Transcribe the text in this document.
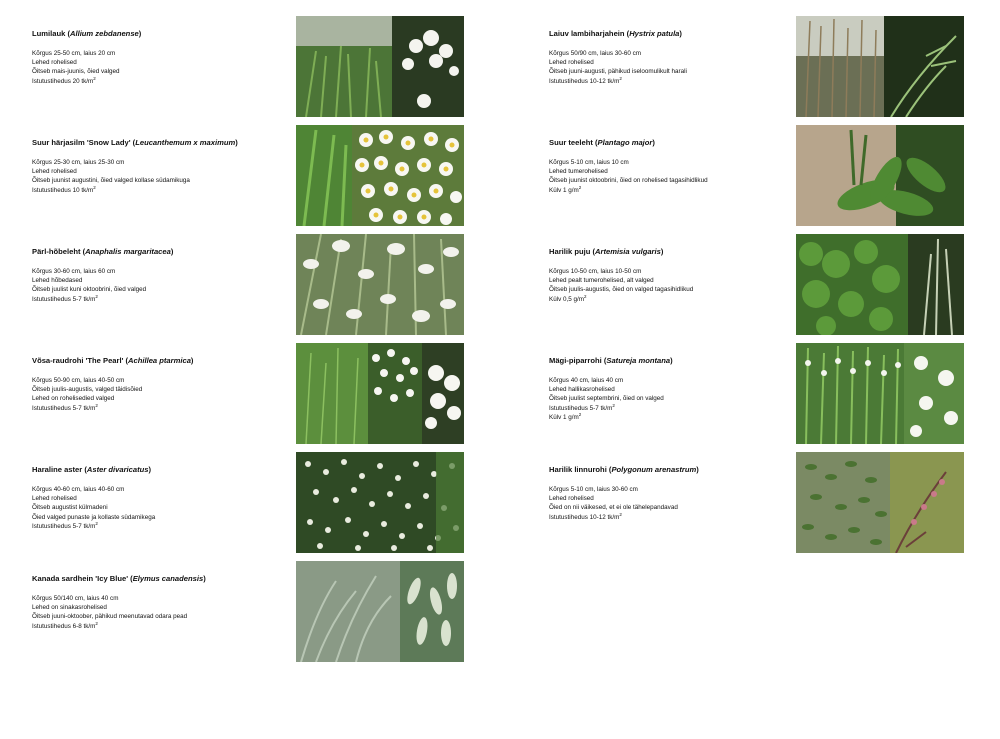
Lumilauk (Allium zebdanense)

Kõrgus 25-50 cm, laius 20 cm

Lehed rohelised

Õitseb mais-juunis, õied valged

Istutustihedus 20 $tk/m^2$

Suur härjasilm 'Snow Lady' (Leucanthemum x maximum)

Kõrgus 25-30 cm, laius 25-30 cm

Lehed rohelised

Õitseb juunist augustini, õied valged kollase südamikuga

Istutustihedus 10 $tk/m^2$

Pärl-hõbeleht (Anaphalis margaritacea)

Kõrgus 30-60 cm, laius 60 cm

Lehed hõbedased

Õitseb juulist kuni oktoobrini, õied valged

Istutustihedus 5-7 $tk/m^2$

Võsa-raudrohi 'The Pearl' (Achillea ptarmica)

Kõrgus 50-90 cm, laius 40-50 cm

Õitseb juulis-augustis, valged täidisõied

Lehed on rohelisedied valged

Istutustihedus 5-7 $tk/m^2$

Haraline aster (Aster divaricatus)

Kõrgus 40-60 cm, laius 40-60 cm

Lehed rohelised

Õitseb augustist külmadeni

Õied valged punaste ja kollaste südamikega

Istutustihedus 5-7 $tk/m^2$

Kanada sardhein 'Icy Blue' (Elymus canadensis)

Kõrgus 50/140 cm, laius 40 cm

Lehed on sinakasrohelised

Õitseb juuni-oktoober, pähikud meenutavad odara pead

Istutustihedus 6-8 $tk/m^2$

Laiuv lambiharjahein (Hystrix patula)

Kõrgus 50/90 cm, laius 30-60 cm

Lehed rohelised

Õitseb juuni-augusti, pähikud iseloomulikult harali

Istutustihedus 10-12 $tk/m^2$

Suur teeleht (Plantago major)

Kõrgus 5-10 cm, laius 10 cm

Lehed tumerohelised

Õitseb juunist oktoobrini, õied on rohelised tagasihidlikud

Külv 1 $g/m^2$

Harilik puju (Artemisia vulgaris)

Kõrgus 10-50 cm, laius 10-50 cm

Lehed pealt tumerohelised, alt valged

Õitseb juulis-augustis, õied on valged tagasihidlikud

Külv 0,5 $g/m^2$

Mägi-piparrohi (Satureja montana)

Kõrgus 40 cm, laius 40 cm

Lehed hallikasrohelised

Õitseb juulist septembrini, õied on valged

Istutustihedus 5-7 $tk/m^2$

Külv 1 $g/m^2$

Harilik linnurohi (Polygonum arenastrum)

Kõrgus 5-10 cm, laius 30-60 cm

Lehed rohelised

Õied on nii väikesed, et ei ole tähelepandavad

Istutustihedus 10-12 $tk/m^2$
